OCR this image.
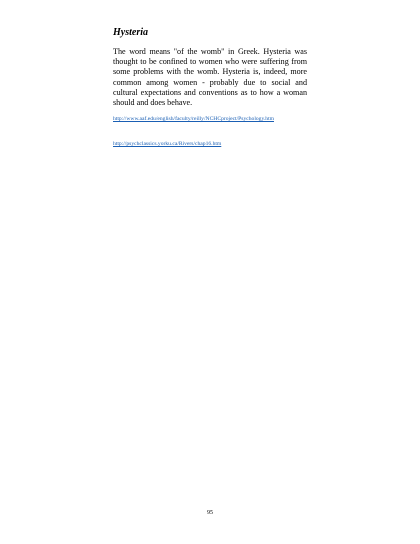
Hysteria

The word means "of the womb" in Greek. Hysteria was thought to be confined to women who were suffering from some problems with the womb. Hysteria is, indeed, more common among women - probably due to social and cultural expectations and conventions as to how a woman should and does behave.

http://www.aaf.edu/english/faculty/reilly/NCHCproject/Psychology.htm
http://psychclassics.yorku.ca/Rivers/chap16.htm
95
